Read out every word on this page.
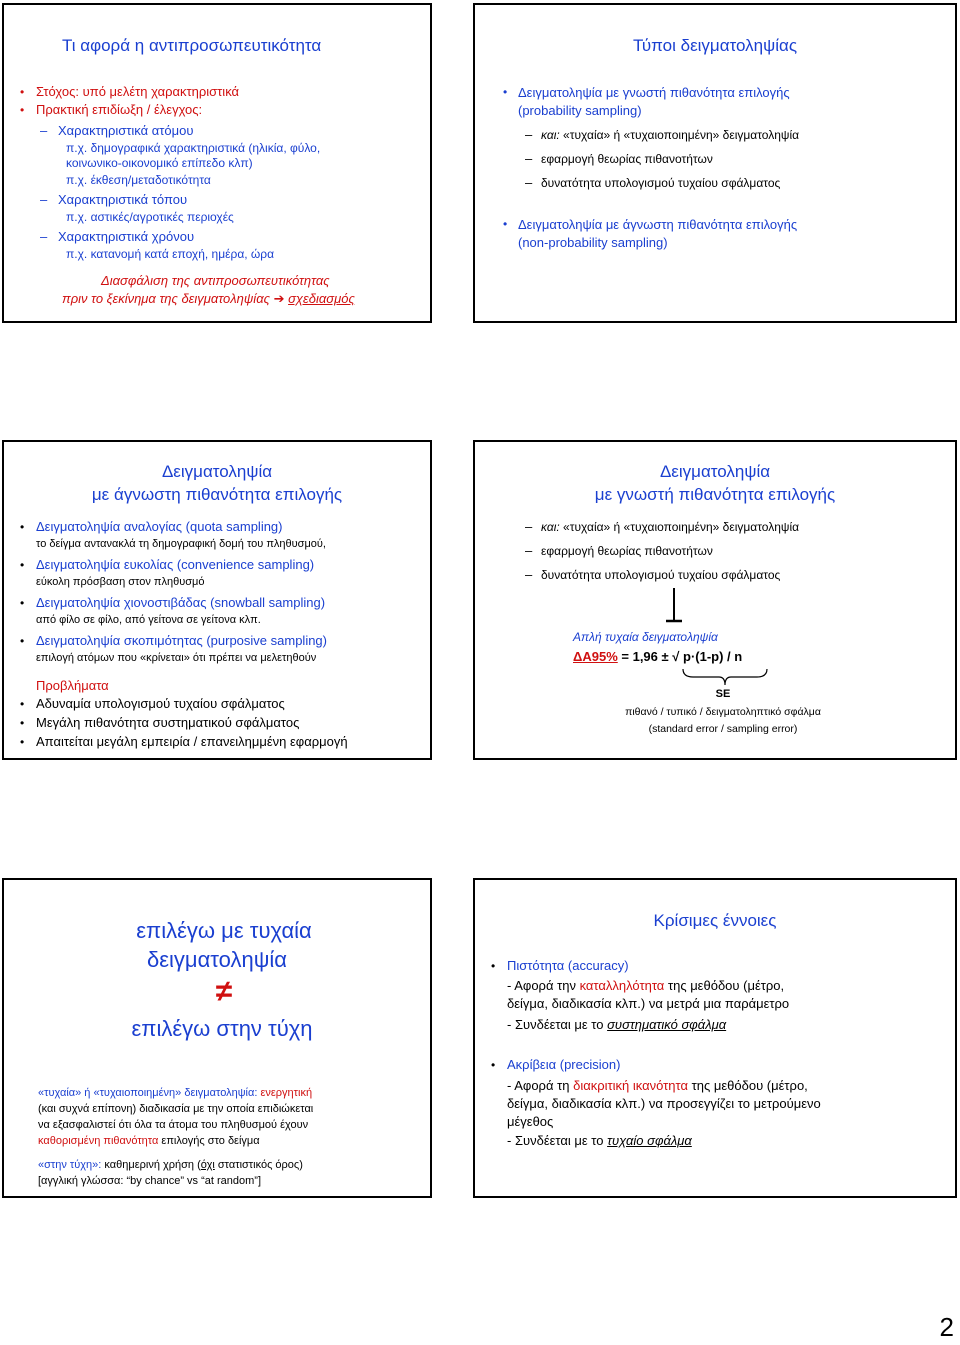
Τι αφορά η αντιπροσωπευτικότητα
• Στόχος: υπό μελέτη χαρακτηριστικά
• Πρακτική επιδίωξη / έλεγχος:
– Χαρακτηριστικά ατόμου
π.χ. δημογραφικά χαρακτηριστικά (ηλικία, φύλο,
κοινωνικο-οικονομικό επίπεδο κλπ)
π.χ. έκθεση/μεταδοτικότητα
– Χαρακτηριστικά τόπου
π.χ. αστικές/αγροτικές περιοχές
– Χαρακτηριστικά χρόνου
π.χ. κατανομή κατά εποχή, ημέρα, ώρα
Διασφάλιση της αντιπροσωπευτικότητας
πριν το ξεκίνημα της δειγματοληψίας ➔ σχεδιασμός
Τύποι δειγματοληψίας
• Δειγματοληψία με γνωστή πιθανότητα επιλογής
(probability sampling)
– και: «τυχαία» ή «τυχαιοποιημένη» δειγματοληψία
– εφαρμογή θεωρίας πιθανοτήτων
– δυνατότητα υπολογισμού τυχαίου σφάλματος
• Δειγματοληψία με άγνωστη πιθανότητα επιλογής
(non-probability sampling)
Δειγματοληψία
με άγνωστη πιθανότητα επιλογής
• Δειγματοληψία αναλογίας (quota sampling)
το δείγμα αντανακλά τη δημογραφική δομή του πληθυσμού,
• Δειγματοληψία ευκολίας (convenience sampling)
εύκολη πρόσβαση στον πληθυσμό
• Δειγματοληψία χιονοστιβάδας (snowball sampling)
από φίλο σε φίλο, από γείτονα σε γείτονα κλπ.
• Δειγματοληψία σκοπιμότητας (purposive sampling)
επιλογή ατόμων που «κρίνεται» ότι πρέπει να μελετηθούν
Προβλήματα
• Αδυναμία υπολογισμού τυχαίου σφάλματος
• Μεγάλη πιθανότητα συστηματικού σφάλματος
• Απαιτείται μεγάλη εμπειρία / επανειλημμένη εφαρμογή
Δειγματοληψία
με γνωστή πιθανότητα επιλογής
– και: «τυχαία» ή «τυχαιοποιημένη» δειγματοληψία
– εφαρμογή θεωρίας πιθανοτήτων
– δυνατότητα υπολογισμού τυχαίου σφάλματος
Απλή τυχαία δειγματοληψία
ΔA95% = 1,96 ± √ p·(1-p) / n
SE
πιθανό / τυπικό / δειγματοληπτικό σφάλμα
(standard error / sampling error)
επιλέγω με τυχαία
δειγματοληψία
≠
επιλέγω στην τύχη
«τυχαία» ή «τυχαιοποιημένη» δειγματοληψία: ενεργητική
(και συχνά επίπονη) διαδικασία με την οποία επιδιώκεται
να εξασφαλιστεί ότι όλα τα άτομα του πληθυσμού έχουν
καθορισμένη πιθανότητα επιλογής στο δείγμα
«στην τύχη»: καθημερινή χρήση (όχι στατιστικός όρος)
[αγγλική γλώσσα: “by chance” vs “at random”]
Κρίσιμες έννοιες
• Πιστότητα (accuracy)
- Αφορά την καταλληλότητα της μεθόδου (μέτρο,
δείγμα, διαδικασία κλπ.) να μετρά μια παράμετρο
- Συνδέεται με το συστηματικό σφάλμα
• Ακρίβεια (precision)
- Αφορά τη διακριτική ικανότητα της μεθόδου (μέτρο,
δείγμα, διαδικασία κλπ.) να προσεγγίζει το μετρούμενο
μέγεθος
- Συνδέεται με το τυχαίο σφάλμα
2
